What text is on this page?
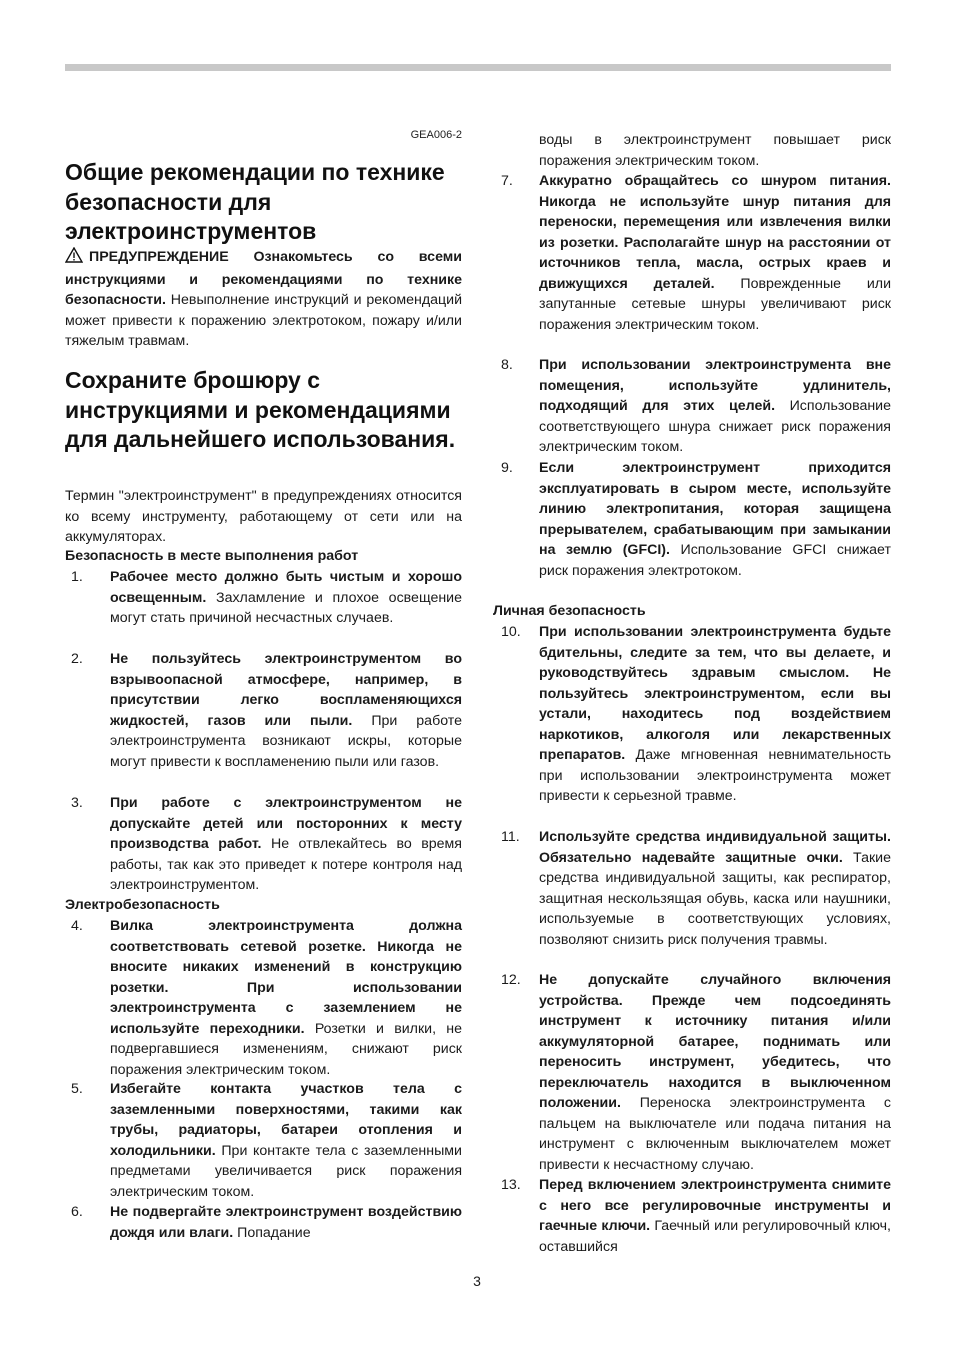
GEA006-2
Общие рекомендации по технике безопасности для электроинструментов
ПРЕДУПРЕЖДЕНИЕ Ознакомьтесь со всеми инструкциями и рекомендациями по технике безопасности. Невыполнение инструкций и рекомендаций может привести к поражению электротоком, пожару и/или тяжелым травмам.
Сохраните брошюру с инструкциями и рекомендациями для дальнейшего использования.
Термин "электроинструмент" в предупреждениях относится ко всему инструменту, работающему от сети или на аккумуляторах.
Безопасность в месте выполнения работ
1. Рабочее место должно быть чистым и хорошо освещенным. Захламление и плохое освещение могут стать причиной несчастных случаев.
2. Не пользуйтесь электроинструментом во взрывоопасной атмосфере, например, в присутствии легко воспламеняющихся жидкостей, газов или пыли. При работе электроинструмента возникают искры, которые могут привести к воспламенению пыли или газов.
3. При работе с электроинструментом не допускайте детей или посторонних к месту производства работ. Не отвлекайтесь во время работы, так как это приведет к потере контроля над электроинструментом.
Электробезопасность
4. Вилка электроинструмента должна соответствовать сетевой розетке. Никогда не вносите никаких изменений в конструкцию розетки. При использовании электроинструмента с заземлением не используйте переходники. Розетки и вилки, не подвергавшиеся изменениям, снижают риск поражения электрическим током.
5. Избегайте контакта участков тела с заземленными поверхностями, такими как трубы, радиаторы, батареи отопления и холодильники. При контакте тела с заземленными предметами увеличивается риск поражения электрическим током.
6. Не подвергайте электроинструмент воздействию дождя или влаги. Попадание
воды в электроинструмент повышает риск поражения электрическим током.
7. Аккуратно обращайтесь со шнуром питания. Никогда не используйте шнур питания для переноски, перемещения или извлечения вилки из розетки. Располагайте шнур на расстоянии от источников тепла, масла, острых краев и движущихся деталей. Поврежденные или запутанные сетевые шнуры увеличивают риск поражения электрическим током.
8. При использовании электроинструмента вне помещения, используйте удлинитель, подходящий для этих целей. Использование соответствующего шнура снижает риск поражения электрическим током.
9. Если электроинструмент приходится эксплуатировать в сыром месте, используйте линию электропитания, которая защищена прерывателем, срабатывающим при замыкании на землю (GFCI). Использование GFCI снижает риск поражения электротоком.
Личная безопасность
10. При использовании электроинструмента будьте бдительны, следите за тем, что вы делаете, и руководствуйтесь здравым смыслом. Не пользуйтесь электроинструментом, если вы устали, находитесь под воздействием наркотиков, алкоголя или лекарственных препаратов. Даже мгновенная невнимательность при использовании электроинструмента может привести к серьезной травме.
11. Используйте средства индивидуальной защиты. Обязательно надевайте защитные очки. Такие средства индивидуальной защиты, как респиратор, защитная нескользящая обувь, каска или наушники, используемые в соответствующих условиях, позволяют снизить риск получения травмы.
12. Не допускайте случайного включения устройства. Прежде чем подсоединять инструмент к источнику питания и/или аккумуляторной батарее, поднимать или переносить инструмент, убедитесь, что переключатель находится в выключенном положении. Переноска электроинструмента с пальцем на выключателе или подача питания на инструмент с включенным выключателем может привести к несчастному случаю.
13. Перед включением электроинструмента снимите с него все регулировочные инструменты и гаечные ключи. Гаечный или регулировочный ключ, оставшийся
3
